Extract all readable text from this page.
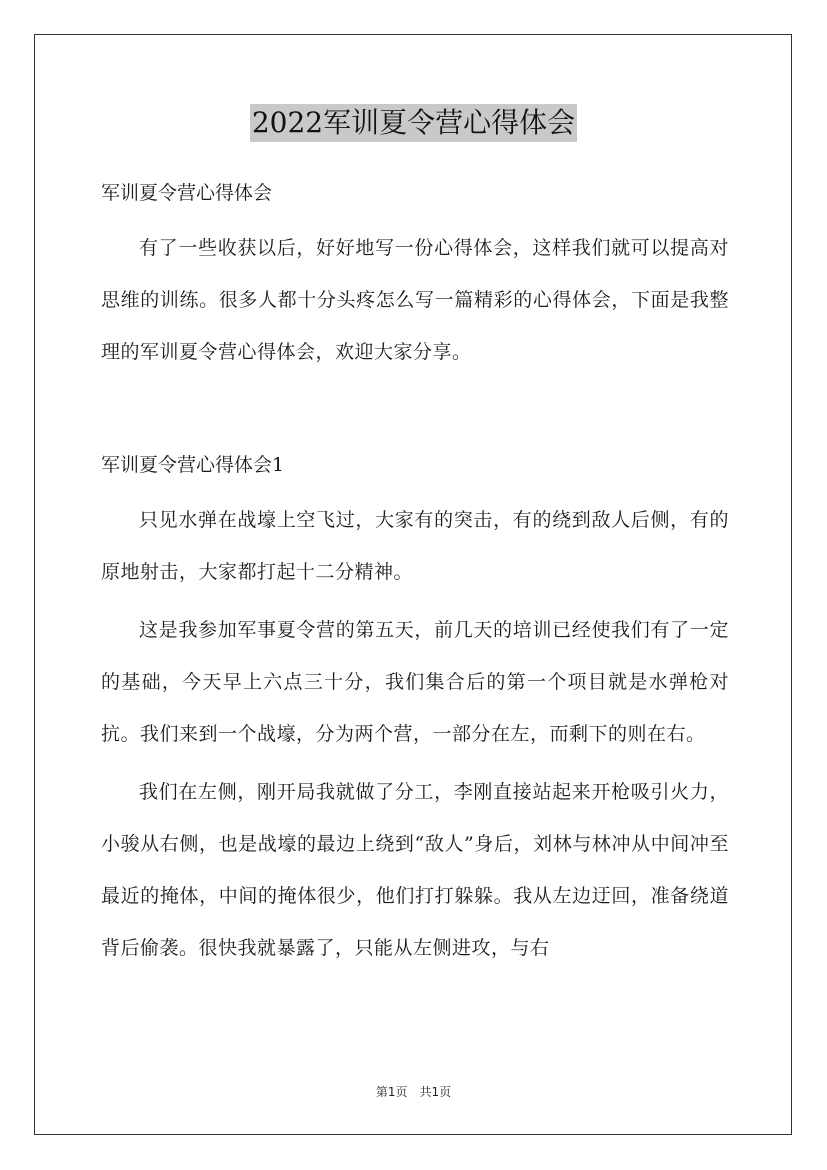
2022军训夏令营心得体会
军训夏令营心得体会

有了一些收获以后，好好地写一份心得体会，这样我们就可以提高对思维的训练。很多人都十分头疼怎么写一篇精彩的心得体会，下面是我整理的军训夏令营心得体会，欢迎大家分享。

军训夏令营心得体会1

只见水弹在战壕上空飞过，大家有的突击，有的绕到敌人后侧，有的原地射击，大家都打起十二分精神。

这是我参加军事夏令营的第五天，前几天的培训已经使我们有了一定的基础，今天早上六点三十分，我们集合后的第一个项目就是水弹枪对抗。我们来到一个战壕，分为两个营，一部分在左，而剩下的则在右。

我们在左侧，刚开局我就做了分工，李刚直接站起来开枪吸引火力，小骏从右侧，也是战壕的最边上绕到“敌人”身后，刘林与林冲从中间冲至最近的掩体，中间的掩体很少，他们打打躲躲。我从左边迂回，准备绕道背后偷袭。很快我就暴露了，只能从左侧进攻，与右

第1页　共1页
